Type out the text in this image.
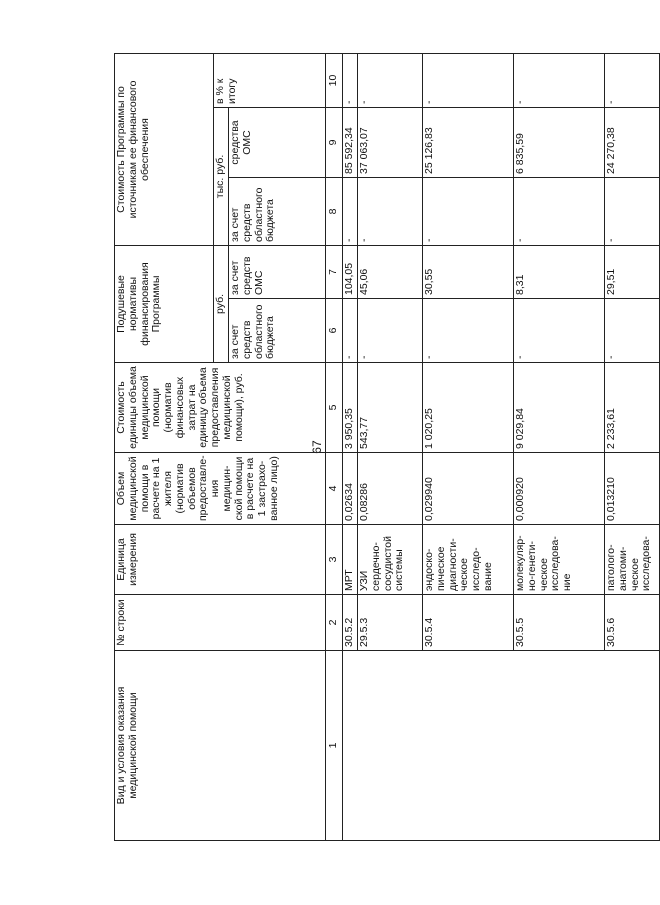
67
Вид и условия оказания медицинской помощи	№ строки	Единица измерения	Объем медицинской помощи в расчете на 1 жителя (норматив объемов предоставле-ния медицин-ской помощи в расчете на 1 застрахо-ванное лицо)	Стоимость единицы объема медицинской помощи (норматив финансовых затрат на единицу объема предоставления медицинской помощи), руб.	Подушевые нормативы финансирования Программы		Стоимость Программы по источникам ее финансового обеспечения		
					руб.		тыс. руб.		в % к итогу
					за счет средств областного бюджета	за счет средств ОМС	за счет средств областного бюджета	средства ОМС	
1	2	3	4	5	6	7	8	9	10
	30.5.2	МРТ	0,02634	3 950,35	-	104,05	-	85 592,34	-
	29.5.3	УЗИ сердечно-сосудистой системы	0,08286	543,77	-	45,06	-	37 063,07	-
	30.5.4	эндоско-пическое диагности-ческое исследо-вание	0,029940	1 020,25	-	30,55	-	25 126,83	-
	30.5.5	молекуляр-но-генети-ческое исследова-ние	0,000920	9 029,84	-	8,31	-	6 835,59	-
	30.5.6	патолого-анатоми-ческое исследова-	0,013210	2 233,61	-	29,51	-	24 270,38	-
